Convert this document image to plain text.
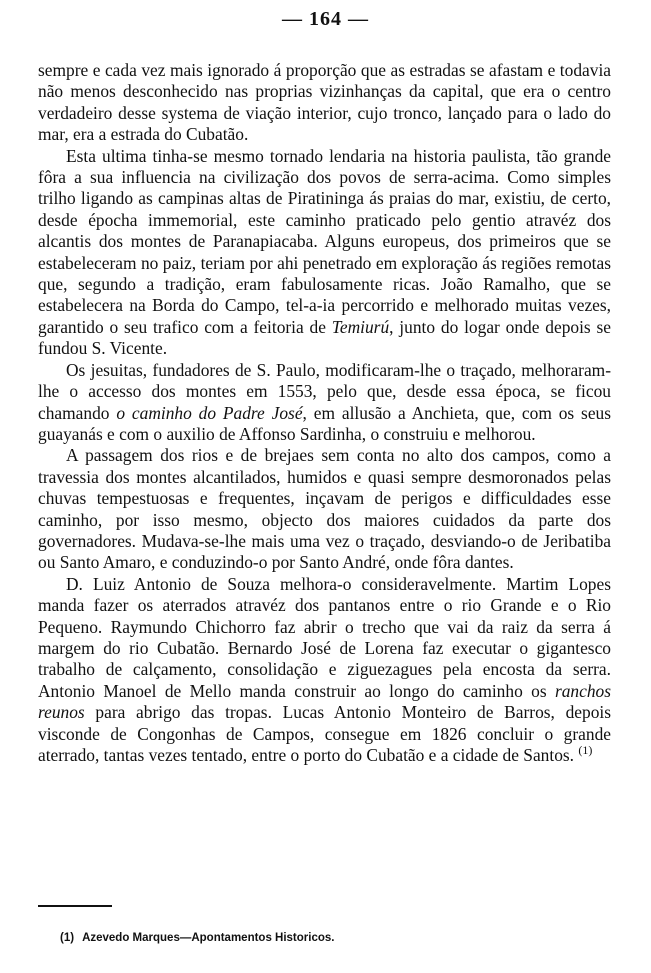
— 164 —

sempre e cada vez mais ignorado á proporção que as estradas se afastam e todavia não menos desconhecido nas proprias vizinhanças da capital, que era o centro verdadeiro desse systema de viação interior, cujo tronco, lançado para o lado do mar, era a estrada do Cubatão.

Esta ultima tinha-se mesmo tornado lendaria na historia paulista, tão grande fôra a sua influencia na civilização dos povos de serra-acima. Como simples trilho ligando as campinas altas de Piratininga ás praias do mar, existiu, de certo, desde épocha immemorial, este caminho praticado pelo gentio atravéz dos alcantis dos montes de Paranapiacaba. Alguns europeus, dos primeiros que se estabeleceram no paiz, teriam por ahi penetrado em exploração ás regiões remotas que, segundo a tradição, eram fabulosamente ricas. João Ramalho, que se estabelecera na Borda do Campo, tel-a-ia percorrido e melhorado muitas vezes, garantido o seu trafico com a feitoria de Temiurú, junto do logar onde depois se fundou S. Vicente.

Os jesuitas, fundadores de S. Paulo, modificaram-lhe o traçado, melhoraram-lhe o accesso dos montes em 1553, pelo que, desde essa época, se ficou chamando o caminho do Padre José, em allusão a Anchieta, que, com os seus guayanás e com o auxilio de Affonso Sardinha, o construiu e melhorou.

A passagem dos rios e de brejaes sem conta no alto dos campos, como a travessia dos montes alcantilados, humidos e quasi sempre desmoronados pelas chuvas tempestuosas e frequentes, inçavam de perigos e difficuldades esse caminho, por isso mesmo, objecto dos maiores cuidados da parte dos governadores. Mudava-se-lhe mais uma vez o traçado, desviando-o de Jeribatiba ou Santo Amaro, e conduzindo-o por Santo André, onde fôra dantes.

D. Luiz Antonio de Souza melhora-o consideravelmente. Martim Lopes manda fazer os aterrados atravéz dos pantanos entre o rio Grande e o Rio Pequeno. Raymundo Chichorro faz abrir o trecho que vai da raiz da serra á margem do rio Cubatão. Bernardo José de Lorena faz executar o gigantesco trabalho de calçamento, consolidação e ziguezagues pela encosta da serra. Antonio Manoel de Mello manda construir ao longo do caminho os ranchos reunos para abrigo das tropas. Lucas Antonio Monteiro de Barros, depois visconde de Congonhas de Campos, consegue em 1826 concluir o grande aterrado, tantas vezes tentado, entre o porto do Cubatão e a cidade de Santos. $^{(1)}$

(1) Azevedo Marques—Apontamentos Historicos.
